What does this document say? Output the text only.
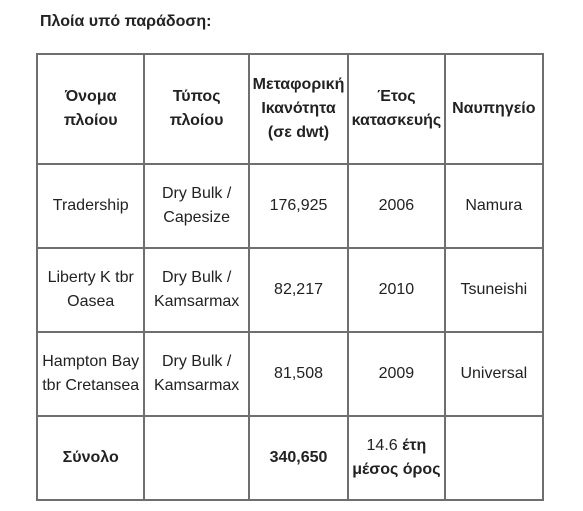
Πλοία υπό παράδοση:
Όνομα πλοίου	Τύπος πλοίου	Μεταφορική Ικανότητα (σε dwt)	Έτος κατασκευής	Ναυπηγείο
Tradership	Dry Bulk / Capesize	176,925	2006	Namura
Liberty K tbr Oasea	Dry Bulk / Kamsarmax	82,217	2010	Tsuneishi
Hampton Bay tbr Cretansea	Dry Bulk / Kamsarmax	81,508	2009	Universal
Σύνολο		340,650	14.6 έτη μέσος όρος	
